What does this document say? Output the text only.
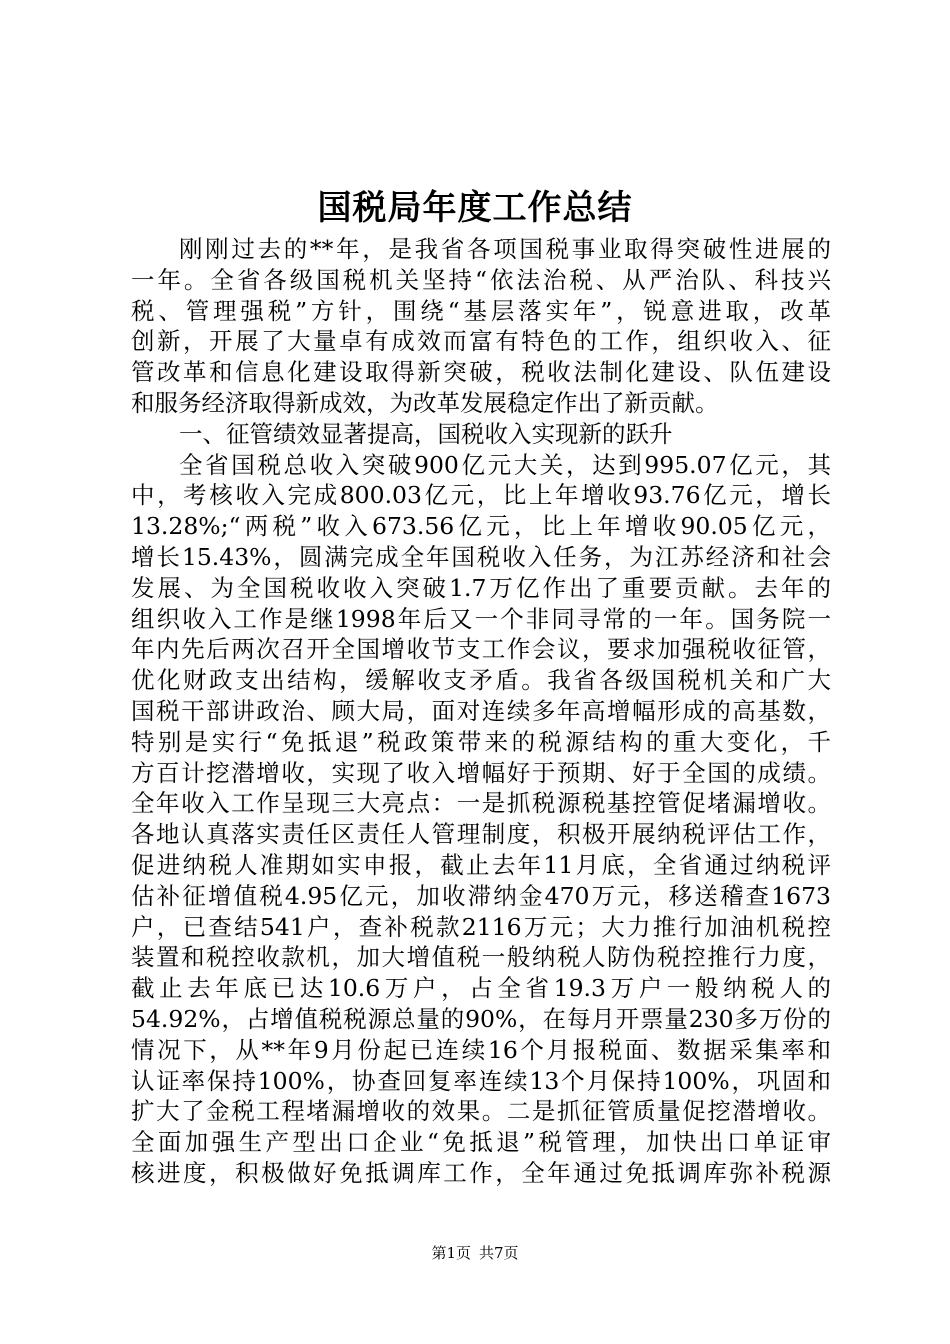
国税局年度工作总结
刚刚过去的**年，是我省各项国税事业取得突破性进展的
一年。全省各级国税机关坚持“依法治税、从严治队、科技兴
税、管理强税”方针，围绕“基层落实年”，锐意进取，改革
创新，开展了大量卓有成效而富有特色的工作，组织收入、征
管改革和信息化建设取得新突破，税收法制化建设、队伍建设
和服务经济取得新成效，为改革发展稳定作出了新贡献。
一、征管绩效显著提高，国税收入实现新的跃升
全省国税总收入突破900亿元大关，达到995.07亿元，其
中，考核收入完成800.03亿元，比上年增收93.76亿元，增长
13.28%;“两税”收入673.56亿元，比上年增收90.05亿元，
增长15.43%，圆满完成全年国税收入任务，为江苏经济和社会
发展、为全国税收收入突破1.7万亿作出了重要贡献。去年的
组织收入工作是继1998年后又一个非同寻常的一年。国务院一
年内先后两次召开全国增收节支工作会议，要求加强税收征管，
优化财政支出结构，缓解收支矛盾。我省各级国税机关和广大
国税干部讲政治、顾大局，面对连续多年高增幅形成的高基数，
特别是实行“免抵退”税政策带来的税源结构的重大变化，千
方百计挖潜增收，实现了收入增幅好于预期、好于全国的成绩。
全年收入工作呈现三大亮点：一是抓税源税基控管促堵漏增收。
各地认真落实责任区责任人管理制度，积极开展纳税评估工作，
促进纳税人准期如实申报，截止去年11月底，全省通过纳税评
估补征增值税4.95亿元，加收滞纳金470万元，移送稽查1673
户，已查结541户，查补税款2116万元；大力推行加油机税控
装置和税控收款机，加大增值税一般纳税人防伪税控推行力度，
截止去年底已达10.6万户，占全省19.3万户一般纳税人的
54.92%，占增值税税源总量的90%，在每月开票量230多万份的
情况下，从**年9月份起已连续16个月报税面、数据采集率和
认证率保持100%，协查回复率连续13个月保持100%，巩固和
扩大了金税工程堵漏增收的效果。二是抓征管质量促挖潜增收。
全面加强生产型出口企业“免抵退”税管理，加快出口单证审
核进度，积极做好免抵调库工作，全年通过免抵调库弥补税源
第1页 共7页
